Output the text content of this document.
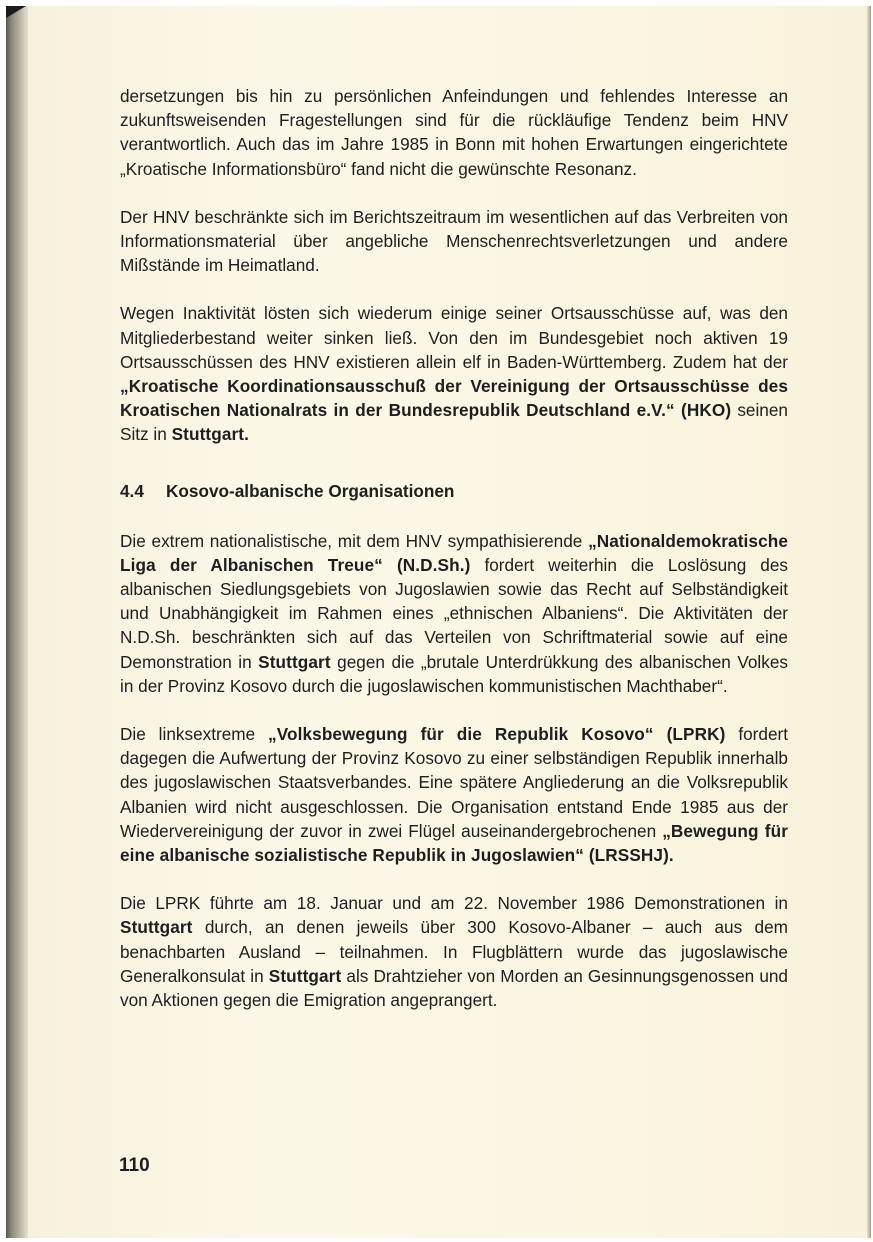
dersetzungen bis hin zu persönlichen Anfeindungen und fehlendes Interesse an zukunftsweisenden Fragestellungen sind für die rückläufige Tendenz beim HNV verantwortlich. Auch das im Jahre 1985 in Bonn mit hohen Erwartungen eingerichtete „Kroatische Informationsbüro“ fand nicht die gewünschte Resonanz.

Der HNV beschränkte sich im Berichtszeitraum im wesentlichen auf das Verbreiten von Informationsmaterial über angebliche Menschenrechtsverletzungen und andere Mißstände im Heimatland.

Wegen Inaktivität lösten sich wiederum einige seiner Ortsausschüsse auf, was den Mitgliederbestand weiter sinken ließ. Von den im Bundesgebiet noch aktiven 19 Ortsausschüssen des HNV existieren allein elf in Baden-Württemberg. Zudem hat der „Kroatische Koordinationsausschuß der Vereinigung der Ortsausschüsse des Kroatischen Nationalrats in der Bundesrepublik Deutschland e.V.“ (HKO) seinen Sitz in Stuttgart.

4.4 Kosovo-albanische Organisationen

Die extrem nationalistische, mit dem HNV sympathisierende „Nationaldemokratische Liga der Albanischen Treue“ (N.D.Sh.) fordert weiterhin die Loslösung des albanischen Siedlungsgebiets von Jugoslawien sowie das Recht auf Selbständigkeit und Unabhängigkeit im Rahmen eines „ethnischen Albaniens“. Die Aktivitäten der N.D.Sh. beschränkten sich auf das Verteilen von Schriftmaterial sowie auf eine Demonstration in Stuttgart gegen die „brutale Unterdrükkung des albanischen Volkes in der Provinz Kosovo durch die jugoslawischen kommunistischen Machthaber“.

Die linksextreme „Volksbewegung für die Republik Kosovo“ (LPRK) fordert dagegen die Aufwertung der Provinz Kosovo zu einer selbständigen Republik innerhalb des jugoslawischen Staatsverbandes. Eine spätere Angliederung an die Volksrepublik Albanien wird nicht ausgeschlossen. Die Organisation entstand Ende 1985 aus der Wiedervereinigung der zuvor in zwei Flügel auseinandergebrochenen „Bewegung für eine albanische sozialistische Republik in Jugoslawien“ (LRSSHJ).

Die LPRK führte am 18. Januar und am 22. November 1986 Demonstrationen in Stuttgart durch, an denen jeweils über 300 Kosovo-Albaner – auch aus dem benachbarten Ausland – teilnahmen. In Flugblättern wurde das jugoslawische Generalkonsulat in Stuttgart als Drahtzieher von Morden an Gesinnungsgenossen und von Aktionen gegen die Emigration angeprangert.

110
